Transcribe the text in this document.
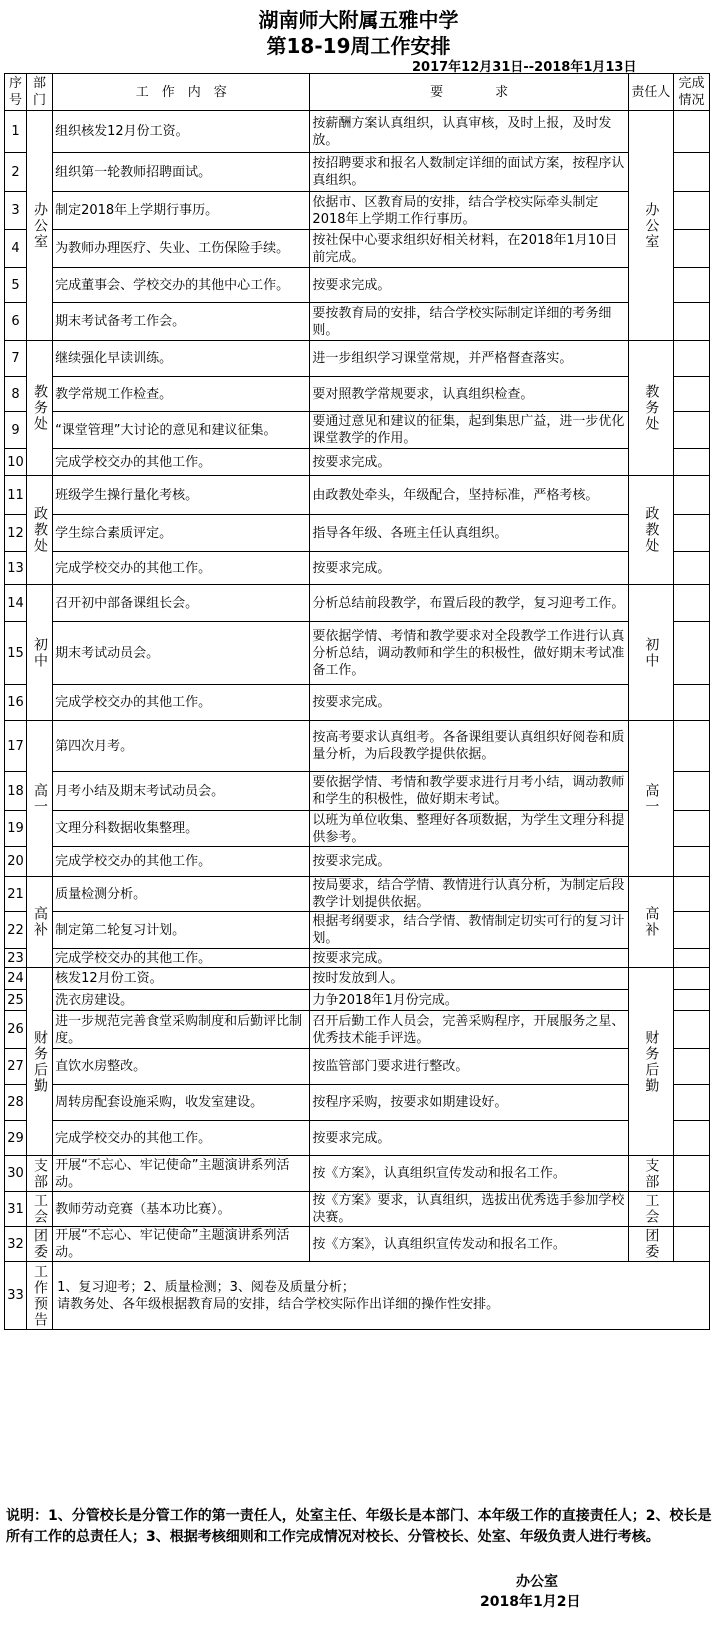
湖南师大附属五雅中学
第18-19周工作安排
2017年12月31日--2018年1月13日
序号	部门	工　作　内　容	要　　　　求	责任人	完成情况
1	办公室	组织核发12月份工资。	按薪酬方案认真组织，认真审核，及时上报，及时发放。	办公室	

2		组织第一轮教师招聘面试。	按招聘要求和报名人数制定详细的面试方案，按程序认真组织。		
3		制定2018年上学期行事历。	依据市、区教育局的安排，结合学校实际牵头制定2018年上学期工作行事历。		
4		为教师办理医疗、失业、工伤保险手续。	按社保中心要求组织好相关材料，在2018年1月10日前完成。		
5		完成董事会、学校交办的其他中心工作。	按要求完成。		
6		期末考试备考工作会。	要按教育局的安排，结合学校实际制定详细的考务细则。		
7	教务处	继续强化早读训练。	进一步组织学习课堂常规，并严格督查落实。	教务处	

8		教学常规工作检查。	要对照教学常规要求，认真组织检查。		
9		“课堂管理”大讨论的意见和建议征集。	要通过意见和建议的征集，起到集思广益，进一步优化课堂教学的作用。		
10		完成学校交办的其他工作。	按要求完成。		
11	政教处	班级学生操行量化考核。	由政教处牵头，年级配合，坚持标准，严格考核。	政教处	

12		学生综合素质评定。	指导各年级、各班主任认真组织。		
13		完成学校交办的其他工作。	按要求完成。		
14	初中	召开初中部备课组长会。	分析总结前段教学，布置后段的教学，复习迎考工作。	初中	

15		期末考试动员会。	要依据学情、考情和教学要求对全段教学工作进行认真分析总结，调动教师和学生的积极性，做好期末考试准备工作。		
16		完成学校交办的其他工作。	按要求完成。		
17	高一	第四次月考。	按高考要求认真组考。各备课组要认真组织好阅卷和质量分析，为后段教学提供依据。	高一	

18		月考小结及期末考试动员会。	要依据学情、考情和教学要求进行月考小结，调动教师和学生的积极性，做好期末考试。		
19		文理分科数据收集整理。	以班为单位收集、整理好各项数据，为学生文理分科提供参考。		
20		完成学校交办的其他工作。	按要求完成。		
21	高补	质量检测分析。	按局要求，结合学情、教情进行认真分析，为制定后段教学计划提供依据。	高补	

22		制定第二轮复习计划。	根据考纲要求，结合学情、教情制定切实可行的复习计划。		
23		完成学校交办的其他工作。	按要求完成。		
24	财务后勤	核发12月份工资。	按时发放到人。	财务后勤	

25		洗衣房建设。	力争2018年1月份完成。		
26		进一步规范完善食堂采购制度和后勤评比制度。	召开后勤工作人员会，完善采购程序，开展服务之星、优秀技术能手评选。		
27		直饮水房整改。	按监管部门要求进行整改。		
28		周转房配套设施采购，收发室建设。	按程序采购，按要求如期建设好。		
29		完成学校交办的其他工作。	按要求完成。		
30	支部	开展“不忘心、牢记使命”主题演讲系列活动。	按《方案》，认真组织宣传发动和报名工作。	支部	

31	工会	教师劳动竞赛（基本功比赛）。	按《方案》要求，认真组织，选拔出优秀选手参加学校决赛。	工会	

32	团委	开展“不忘心、牢记使命”主题演讲系列活动。	按《方案》，认真组织宣传发动和报名工作。	团委	

33	工作预告	1、复习迎考；2、质量检测；3、阅卷及质量分析；
请教务处、各年级根据教育局的安排，结合学校实际作出详细的操作性安排。			
说明：1、分管校长是分管工作的第一责任人，处室主任、年级长是本部门、本年级工作的直接责任人；2、校长是所有工作的总责任人；3、根据考核细则和工作完成情况对校长、分管校长、处室、年级负责人进行考核。
办公室
2018年1月2日
